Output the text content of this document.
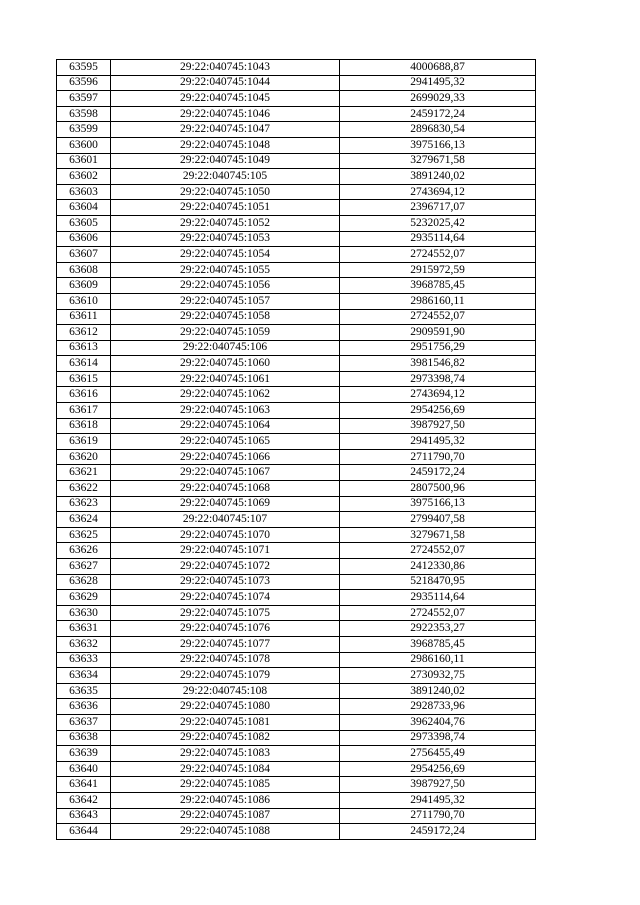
63595	29:22:040745:1043	4000688,87
63596	29:22:040745:1044	2941495,32
63597	29:22:040745:1045	2699029,33
63598	29:22:040745:1046	2459172,24
63599	29:22:040745:1047	2896830,54
63600	29:22:040745:1048	3975166,13
63601	29:22:040745:1049	3279671,58
63602	29:22:040745:105	3891240,02
63603	29:22:040745:1050	2743694,12
63604	29:22:040745:1051	2396717,07
63605	29:22:040745:1052	5232025,42
63606	29:22:040745:1053	2935114,64
63607	29:22:040745:1054	2724552,07
63608	29:22:040745:1055	2915972,59
63609	29:22:040745:1056	3968785,45
63610	29:22:040745:1057	2986160,11
63611	29:22:040745:1058	2724552,07
63612	29:22:040745:1059	2909591,90
63613	29:22:040745:106	2951756,29
63614	29:22:040745:1060	3981546,82
63615	29:22:040745:1061	2973398,74
63616	29:22:040745:1062	2743694,12
63617	29:22:040745:1063	2954256,69
63618	29:22:040745:1064	3987927,50
63619	29:22:040745:1065	2941495,32
63620	29:22:040745:1066	2711790,70
63621	29:22:040745:1067	2459172,24
63622	29:22:040745:1068	2807500,96
63623	29:22:040745:1069	3975166,13
63624	29:22:040745:107	2799407,58
63625	29:22:040745:1070	3279671,58
63626	29:22:040745:1071	2724552,07
63627	29:22:040745:1072	2412330,86
63628	29:22:040745:1073	5218470,95
63629	29:22:040745:1074	2935114,64
63630	29:22:040745:1075	2724552,07
63631	29:22:040745:1076	2922353,27
63632	29:22:040745:1077	3968785,45
63633	29:22:040745:1078	2986160,11
63634	29:22:040745:1079	2730932,75
63635	29:22:040745:108	3891240,02
63636	29:22:040745:1080	2928733,96
63637	29:22:040745:1081	3962404,76
63638	29:22:040745:1082	2973398,74
63639	29:22:040745:1083	2756455,49
63640	29:22:040745:1084	2954256,69
63641	29:22:040745:1085	3987927,50
63642	29:22:040745:1086	2941495,32
63643	29:22:040745:1087	2711790,70
63644	29:22:040745:1088	2459172,24
